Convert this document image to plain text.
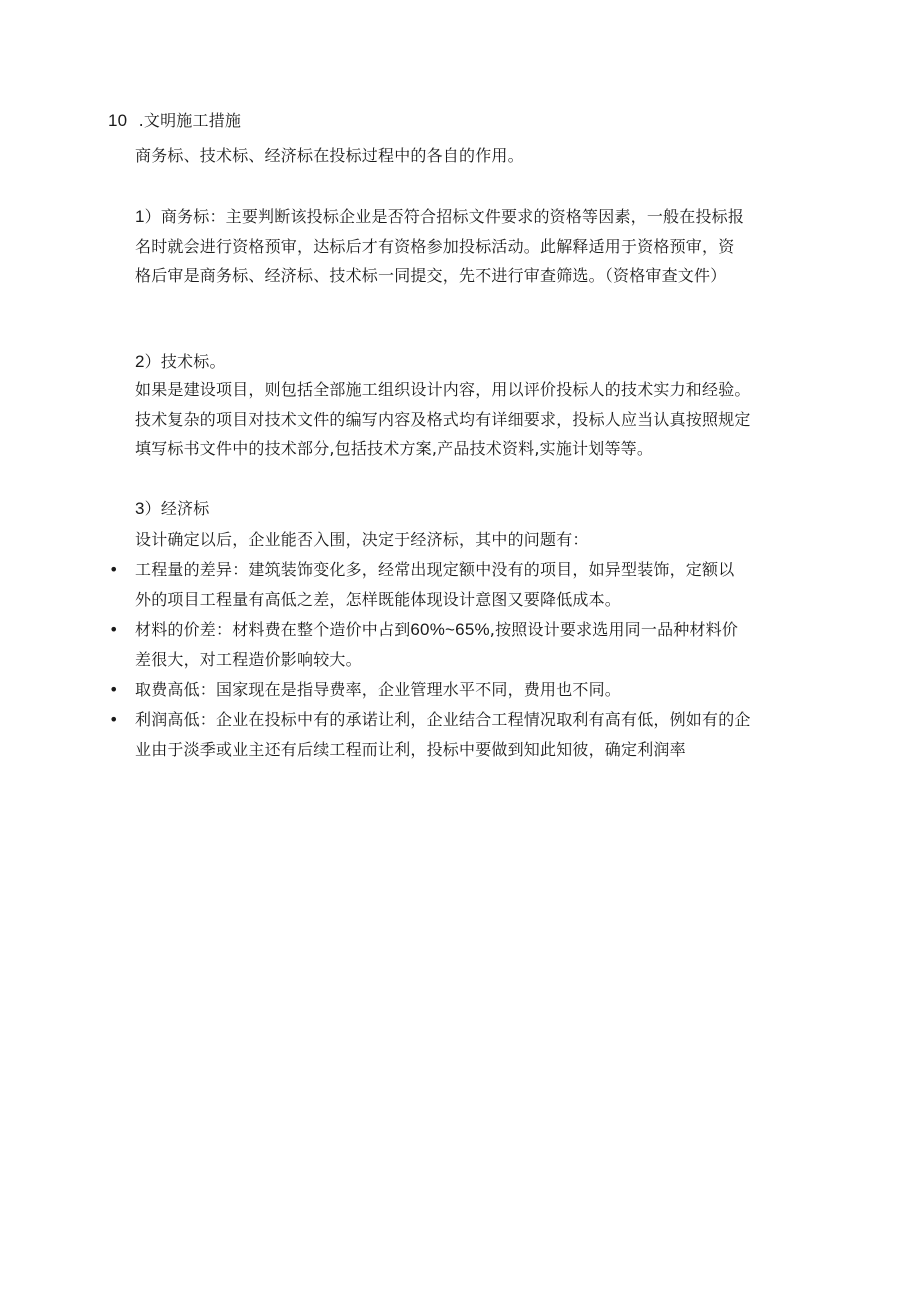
10 .文明施工措施
商务标、技术标、经济标在投标过程中的各自的作用。
1）商务标：主要判断该投标企业是否符合招标文件要求的资格等因素，一般在投标报
名时就会进行资格预审，达标后才有资格参加投标活动。此解释适用于资格预审，资
格后审是商务标、经济标、技术标一同提交，先不进行审查筛选。（资格审查文件）
2）技术标。
如果是建设项目，则包括全部施工组织设计内容，用以评价投标人的技术实力和经验。
技术复杂的项目对技术文件的编写内容及格式均有详细要求，投标人应当认真按照规定
填写标书文件中的技术部分,包括技术方案,产品技术资料,实施计划等等。
3）经济标
设计确定以后，企业能否入围，决定于经济标，其中的问题有：
• 工程量的差异：建筑装饰变化多，经常出现定额中没有的项目，如异型装饰，定额以
外的项目工程量有高低之差，怎样既能体现设计意图又要降低成本。
• 材料的价差：材料费在整个造价中占到60%~65%,按照设计要求选用同一品种材料价
差很大，对工程造价影响较大。
• 取费高低：国家现在是指导费率，企业管理水平不同，费用也不同。
• 利润高低：企业在投标中有的承诺让利，企业结合工程情况取利有高有低，例如有的企
业由于淡季或业主还有后续工程而让利，投标中要做到知此知彼，确定利润率
